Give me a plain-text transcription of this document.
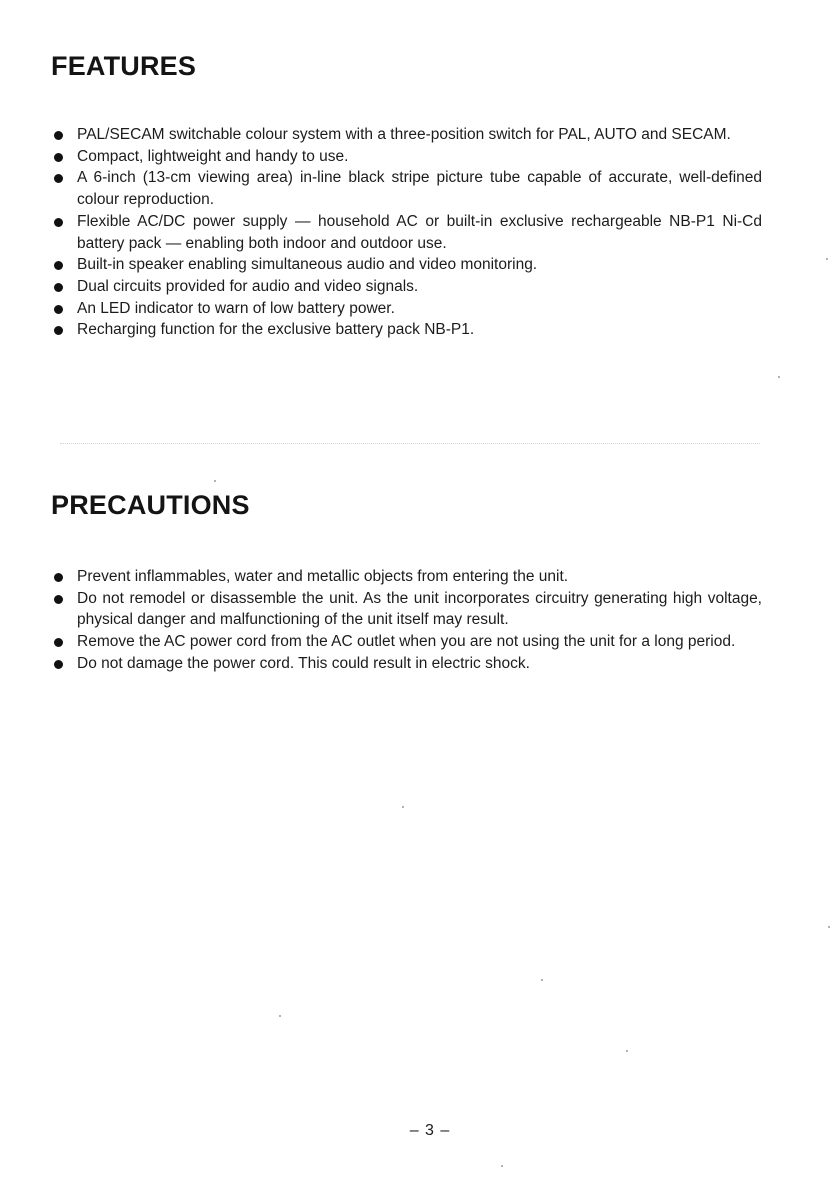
FEATURES
PAL/SECAM switchable colour system with a three-position switch for PAL, AUTO and SECAM.
Compact, lightweight and handy to use.
A 6-inch (13-cm viewing area) in-line black stripe picture tube capable of accurate, well-defined colour reproduction.
Flexible AC/DC power supply — household AC or built-in exclusive rechargeable NB-P1 Ni-Cd battery pack — enabling both indoor and outdoor use.
Built-in speaker enabling simultaneous audio and video monitoring.
Dual circuits provided for audio and video signals.
An LED indicator to warn of low battery power.
Recharging function for the exclusive battery pack NB-P1.
PRECAUTIONS
Prevent inflammables, water and metallic objects from entering the unit.
Do not remodel or disassemble the unit. As the unit incorporates circuitry generating high voltage, physical danger and malfunctioning of the unit itself may result.
Remove the AC power cord from the AC outlet when you are not using the unit for a long period.
Do not damage the power cord. This could result in electric shock.
– 3 –
